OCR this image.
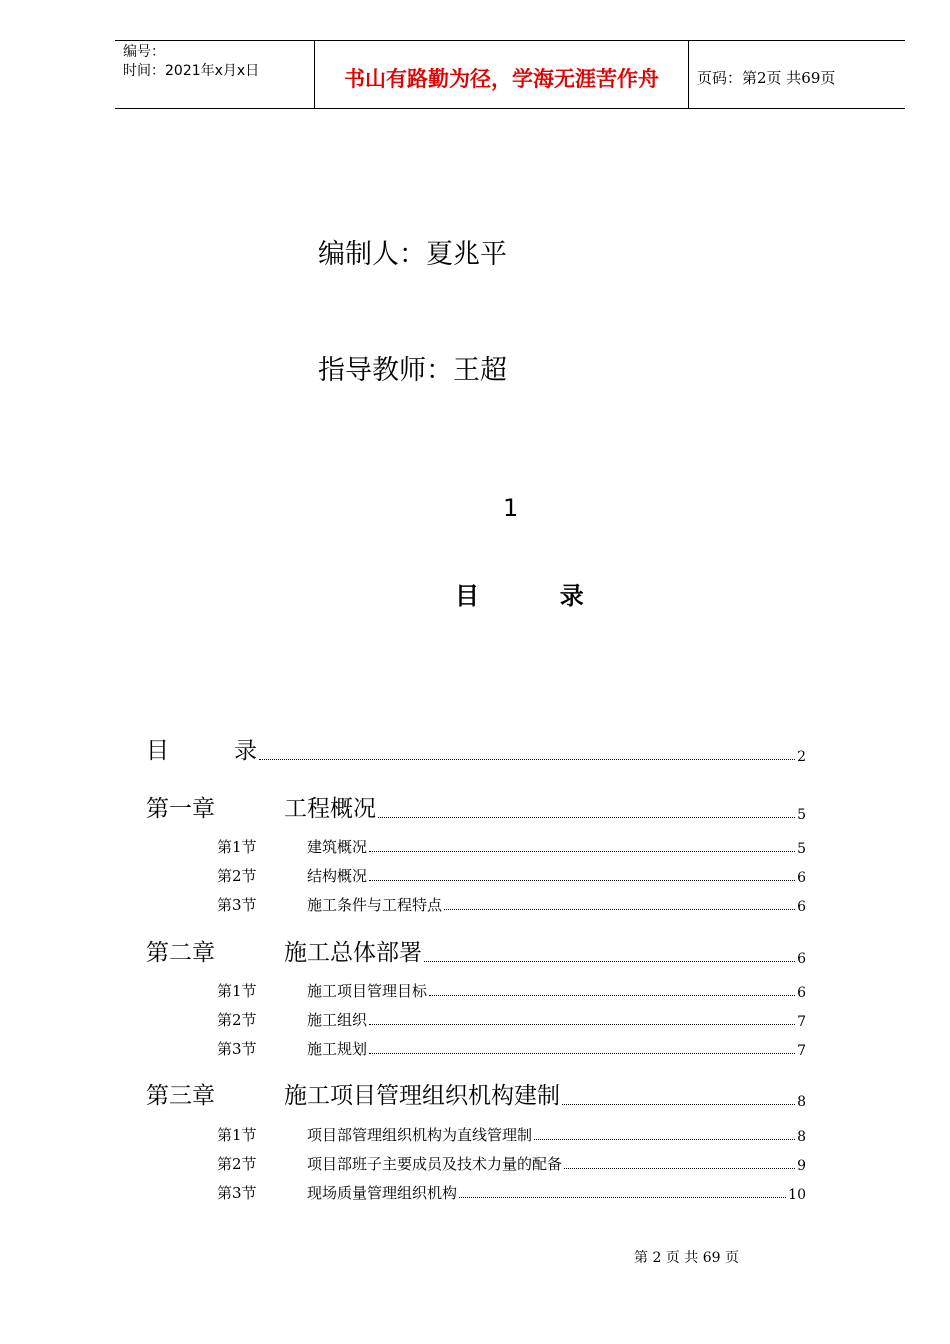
编号：
时间：2021年x月x日	书山有路勤为径，学海无涯苦作舟	页码：第2页 共69页
编制人：夏兆平
指导教师：王超
1
目	录
目	录	2
第一章	工程概况	5
第1节	建筑概况	5
第2节	结构概况	6
第3节	施工条件与工程特点	6
第二章	施工总体部署	6
第1节	施工项目管理目标	6
第2节	施工组织	7
第3节	施工规划	7
第三章	施工项目管理组织机构建制	8
第1节	项目部管理组织机构为直线管理制	8
第2节	项目部班子主要成员及技术力量的配备	9
第3节	现场质量管理组织机构	10
第 2 页 共 69 页
